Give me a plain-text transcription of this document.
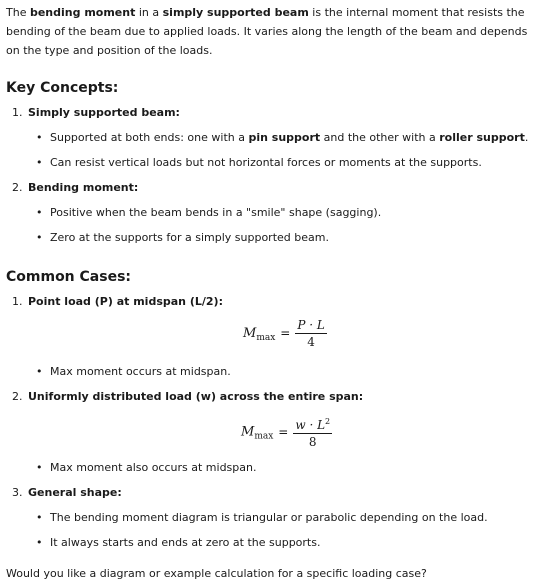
The bending moment in a simply supported beam is the internal moment that resists the bending of the beam due to applied loads. It varies along the length of the beam and depends on the type and position of the loads.

Key Concepts:
1. Simply supported beam:
• Supported at both ends: one with a pin support and the other with a roller support.
• Can resist vertical loads but not horizontal forces or moments at the supports.
2. Bending moment:
• Positive when the beam bends in a "smile" shape (sagging).
• Zero at the supports for a simply supported beam.
Common Cases:
1. Point load (P) at midspan (L/2):
$M_{max} = \frac{P \cdot L}{4}$
• Max moment occurs at midspan.
2. Uniformly distributed load (w) across the entire span:
$M_{max} = \frac{w \cdot L^2}{8}$
• Max moment also occurs at midspan.
3. General shape:
• The bending moment diagram is triangular or parabolic depending on the load.
• It always starts and ends at zero at the supports.
Would you like a diagram or example calculation for a specific loading case?
